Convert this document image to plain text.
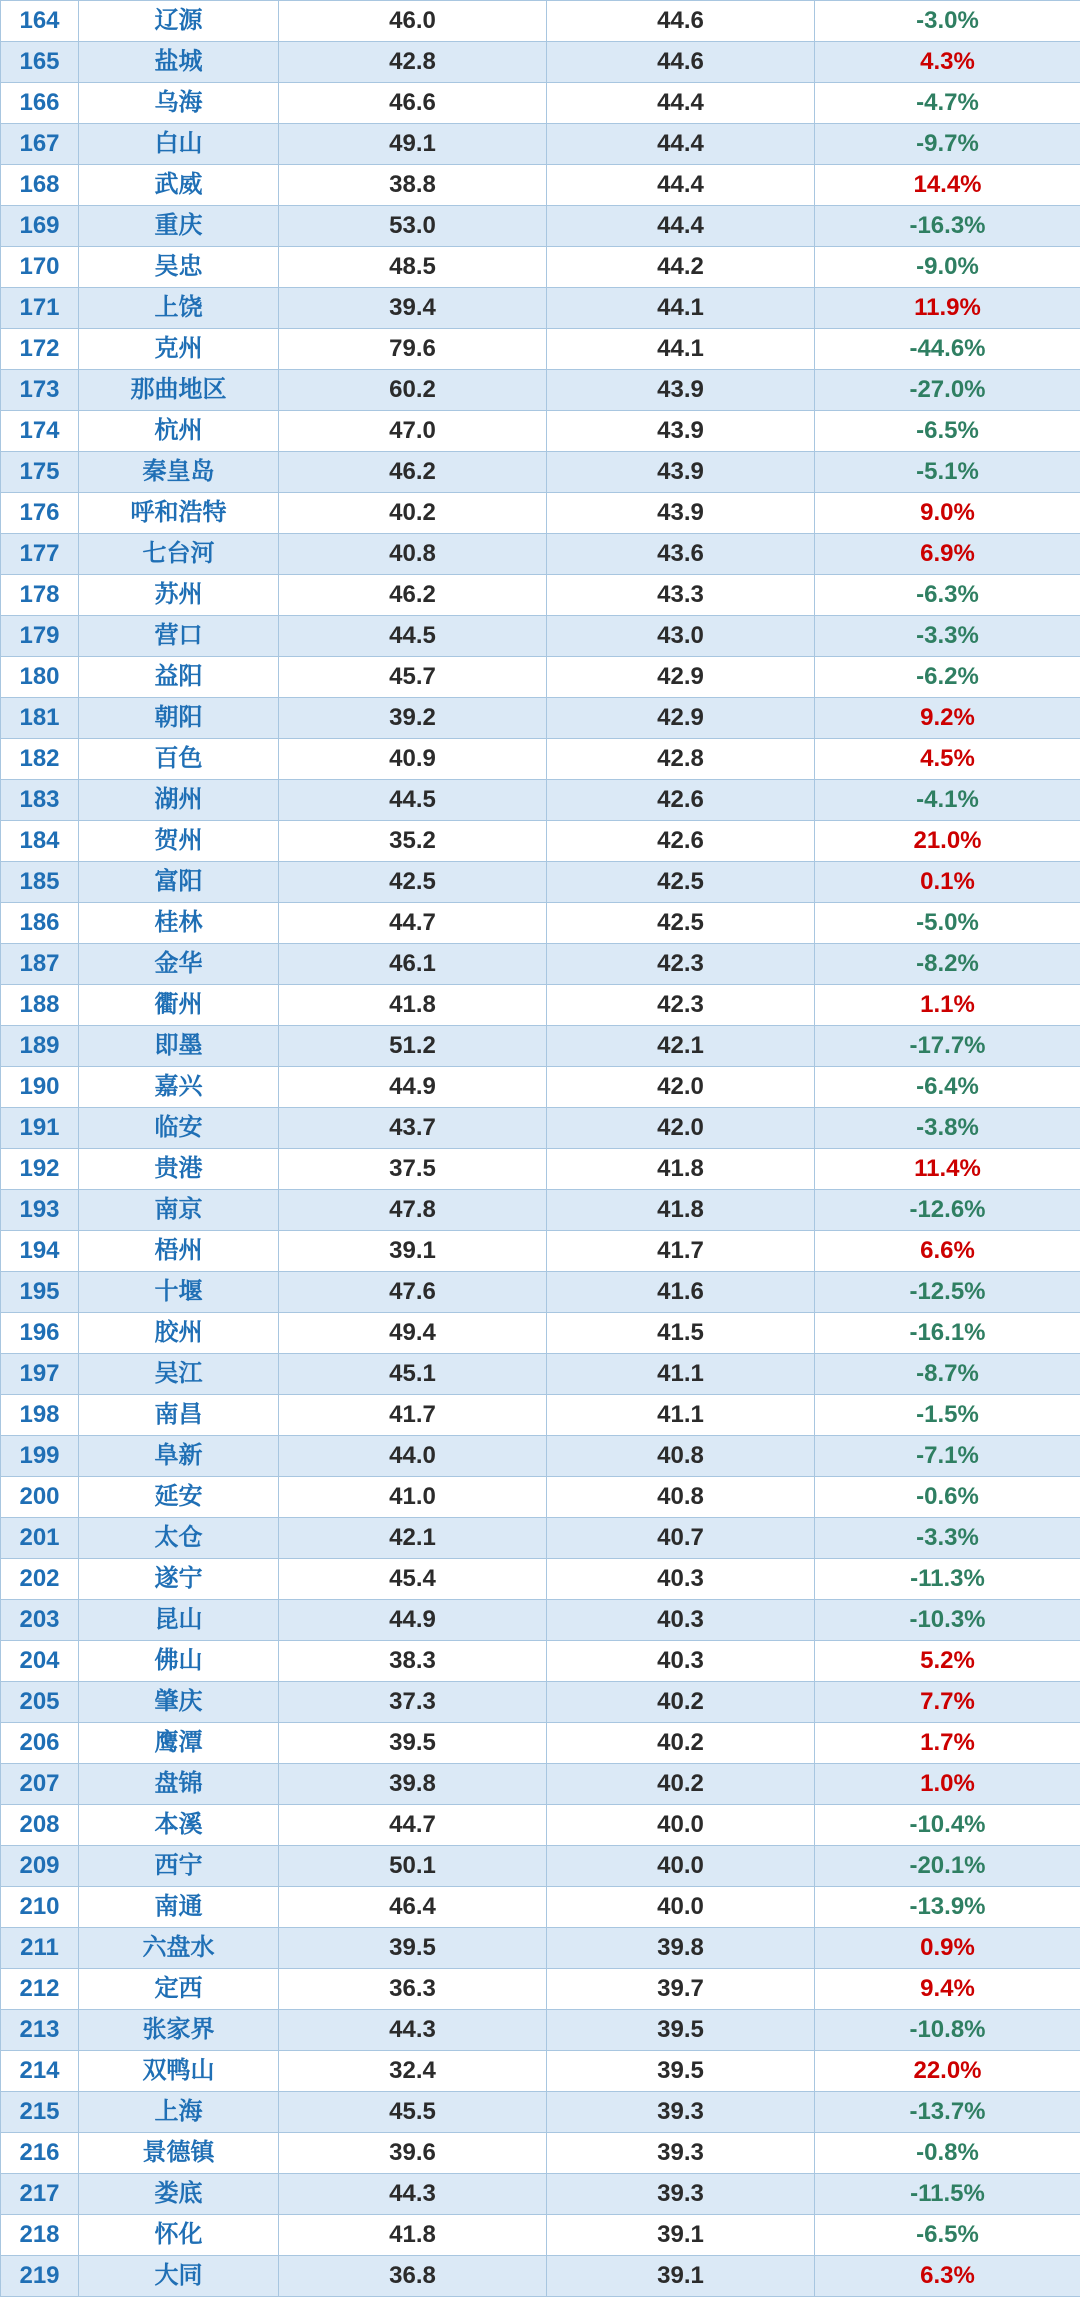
164	辽源	46.0	44.6	-3.0%
165	盐城	42.8	44.6	4.3%
166	乌海	46.6	44.4	-4.7%
167	白山	49.1	44.4	-9.7%
168	武威	38.8	44.4	14.4%
169	重庆	53.0	44.4	-16.3%
170	吴忠	48.5	44.2	-9.0%
171	上饶	39.4	44.1	11.9%
172	克州	79.6	44.1	-44.6%
173	那曲地区	60.2	43.9	-27.0%
174	杭州	47.0	43.9	-6.5%
175	秦皇岛	46.2	43.9	-5.1%
176	呼和浩特	40.2	43.9	9.0%
177	七台河	40.8	43.6	6.9%
178	苏州	46.2	43.3	-6.3%
179	营口	44.5	43.0	-3.3%
180	益阳	45.7	42.9	-6.2%
181	朝阳	39.2	42.9	9.2%
182	百色	40.9	42.8	4.5%
183	湖州	44.5	42.6	-4.1%
184	贺州	35.2	42.6	21.0%
185	富阳	42.5	42.5	0.1%
186	桂林	44.7	42.5	-5.0%
187	金华	46.1	42.3	-8.2%
188	衢州	41.8	42.3	1.1%
189	即墨	51.2	42.1	-17.7%
190	嘉兴	44.9	42.0	-6.4%
191	临安	43.7	42.0	-3.8%
192	贵港	37.5	41.8	11.4%
193	南京	47.8	41.8	-12.6%
194	梧州	39.1	41.7	6.6%
195	十堰	47.6	41.6	-12.5%
196	胶州	49.4	41.5	-16.1%
197	吴江	45.1	41.1	-8.7%
198	南昌	41.7	41.1	-1.5%
199	阜新	44.0	40.8	-7.1%
200	延安	41.0	40.8	-0.6%
201	太仓	42.1	40.7	-3.3%
202	遂宁	45.4	40.3	-11.3%
203	昆山	44.9	40.3	-10.3%
204	佛山	38.3	40.3	5.2%
205	肇庆	37.3	40.2	7.7%
206	鹰潭	39.5	40.2	1.7%
207	盘锦	39.8	40.2	1.0%
208	本溪	44.7	40.0	-10.4%
209	西宁	50.1	40.0	-20.1%
210	南通	46.4	40.0	-13.9%
211	六盘水	39.5	39.8	0.9%
212	定西	36.3	39.7	9.4%
213	张家界	44.3	39.5	-10.8%
214	双鸭山	32.4	39.5	22.0%
215	上海	45.5	39.3	-13.7%
216	景德镇	39.6	39.3	-0.8%
217	娄底	44.3	39.3	-11.5%
218	怀化	41.8	39.1	-6.5%
219	大同	36.8	39.1	6.3%
